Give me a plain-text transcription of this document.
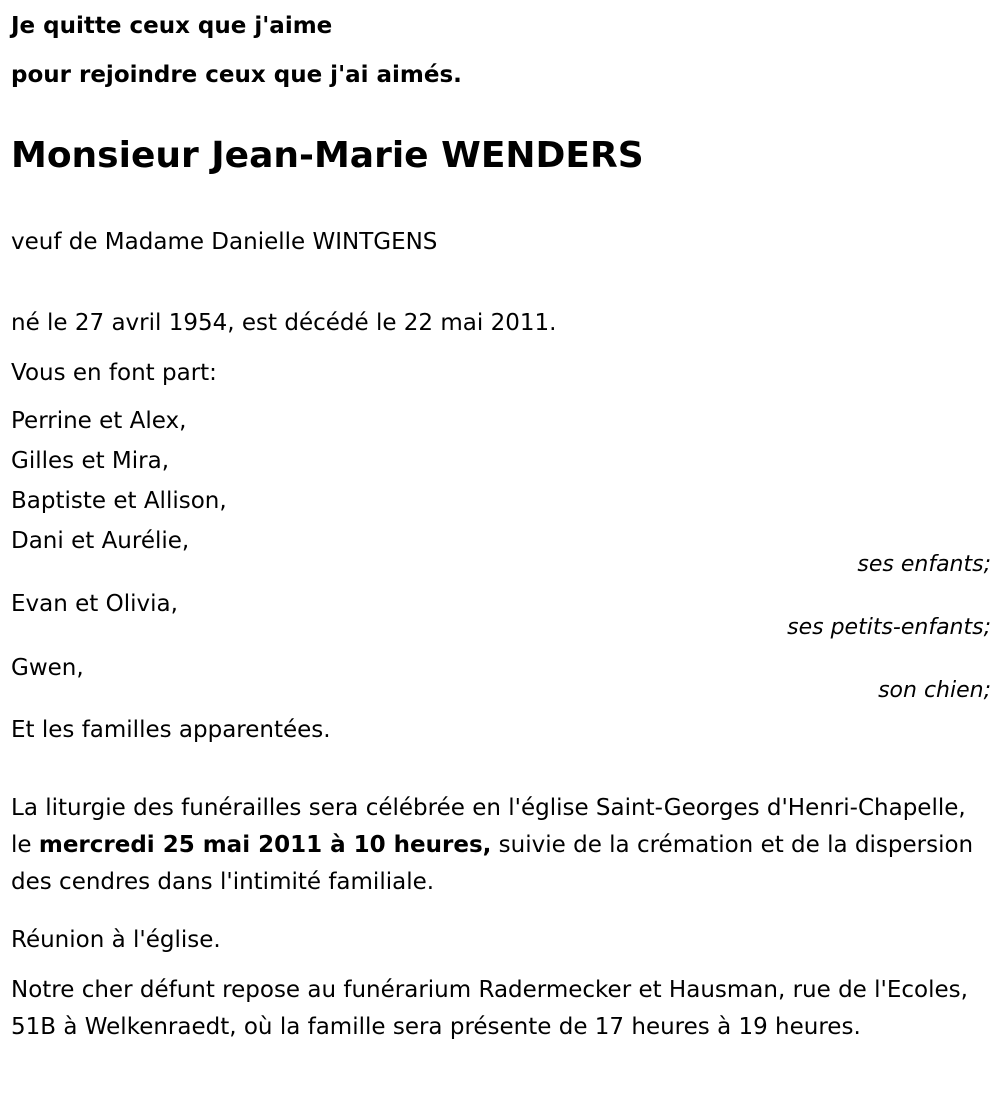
Je quitte ceux que j'aime
pour rejoindre ceux que j'ai aimés.
Monsieur Jean-Marie WENDERS
veuf de Madame Danielle WINTGENS
né le 27 avril 1954, est décédé le 22 mai 2011.
Vous en font part:
Perrine et Alex,
Gilles et Mira,
Baptiste et Allison,
Dani et Aurélie,
ses enfants;
Evan et Olivia,
ses petits-enfants;
Gwen,
son chien;
Et les familles apparentées.
La liturgie des funérailles sera célébrée en l'église Saint-Georges d'Henri-Chapelle, le mercredi 25 mai 2011 à 10 heures, suivie de la crémation et de la dispersion des cendres dans l'intimité familiale.
Réunion à l'église.
Notre cher défunt repose au funérarium Radermecker et Hausman, rue de l'Ecoles, 51B à Welkenraedt, où la famille sera présente de 17 heures à 19 heures.
